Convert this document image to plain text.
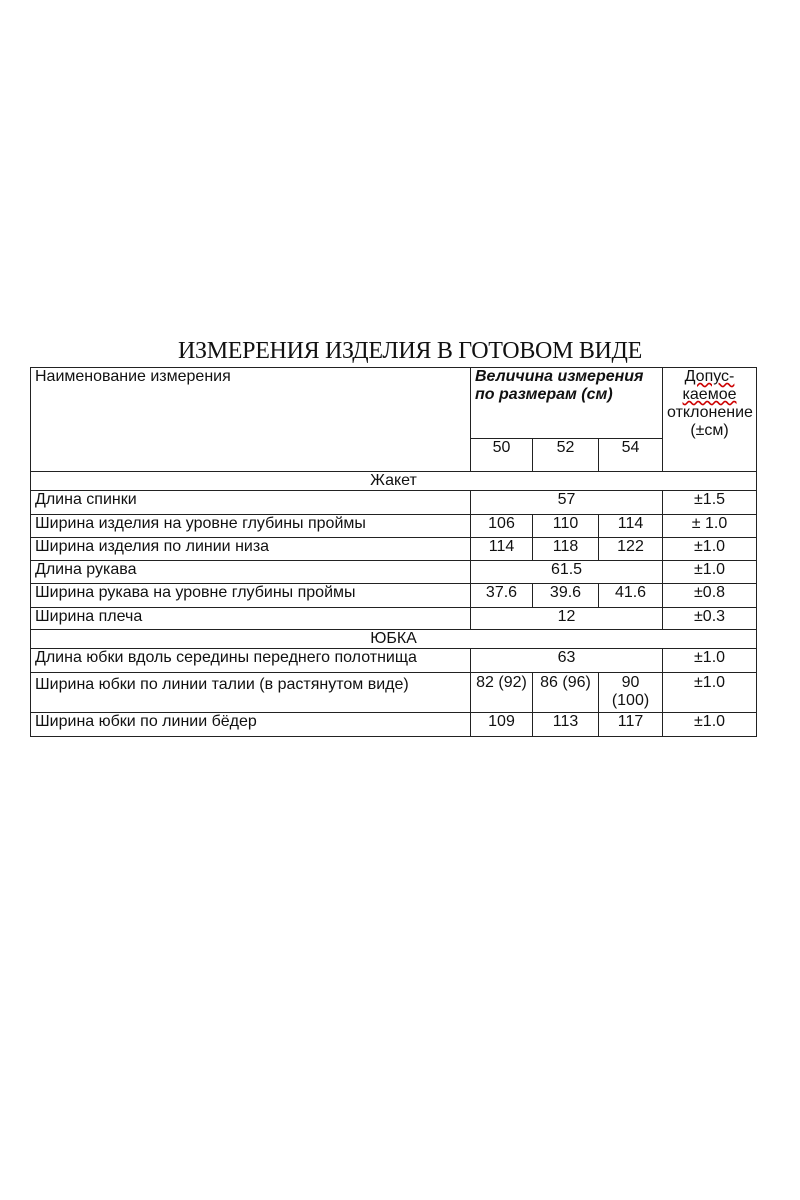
ИЗМЕРЕНИЯ ИЗДЕЛИЯ В ГОТОВОМ ВИДЕ
Наименование измерения	Величина измерения по размерам (см)			Допус-
каемое
отклонение
(±см)
	50	52	54	
Жакет				
Длина спинки	57			±1.5
Ширина изделия на уровне глубины проймы	106	110	114	± 1.0
Ширина изделия по линии низа	114	118	122	±1.0
Длина рукава	61.5			±1.0
Ширина рукава на уровне глубины проймы	37.6	39.6	41.6	±0.8
Ширина плеча	12			±0.3
ЮБКА				
Длина юбки вдоль середины переднего полотнища	63			±1.0
Ширина юбки по линии талии (в растянутом виде)	82 (92)	86 (96)	90 (100)	±1.0
Ширина юбки по линии бёдер	109	113	117	±1.0
